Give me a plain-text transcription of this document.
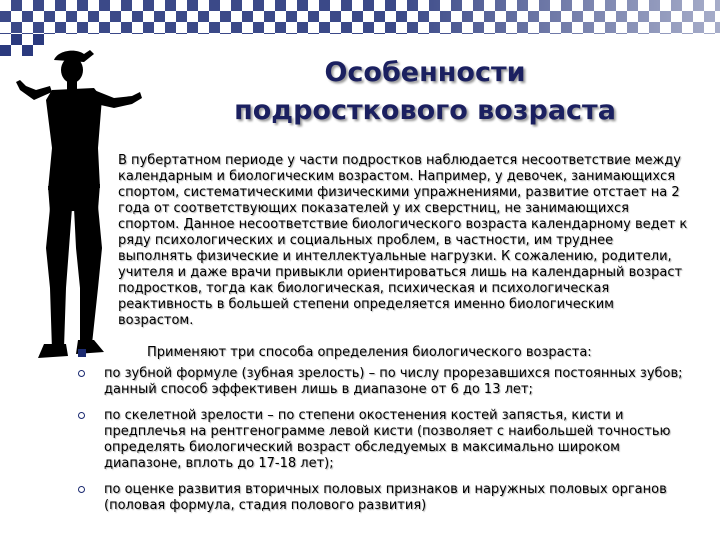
Особенности
подросткового возраста
В пубертатном периоде у части подростков наблюдается несоответствие между календарным и биологическим возрастом. Например, у девочек, занимающихся спортом, систематическими физическими упражнениями, развитие отстает на 2 года от соответствующих показателей у их сверстниц, не занимающихся спортом. Данное несоответствие биологического возраста календарному ведет к ряду психологических и социальных проблем, в частности, им труднее выполнять физические и интеллектуальные нагрузки. К сожалению, родители, учителя и даже врачи привыкли ориентироваться лишь на календарный возраст подростков, тогда как биологическая, психическая и психологическая реактивность в большей степени определяется именно биологическим возрастом.
Применяют три способа определения биологического возраста:
по зубной формуле (зубная зрелость) – по числу прорезавшихся постоянных зубов; данный способ эффективен лишь в диапазоне от 6 до 13 лет;
по скелетной зрелости – по степени окостенения костей запястья, кисти и предплечья на рентгенограмме левой кисти (позволяет с наибольшей точностью определять биологический возраст обследуемых в максимально широком диапазоне, вплоть до 17-18 лет);
по оценке развития вторичных половых признаков и наружных половых органов (половая формула, стадия полового развития)
